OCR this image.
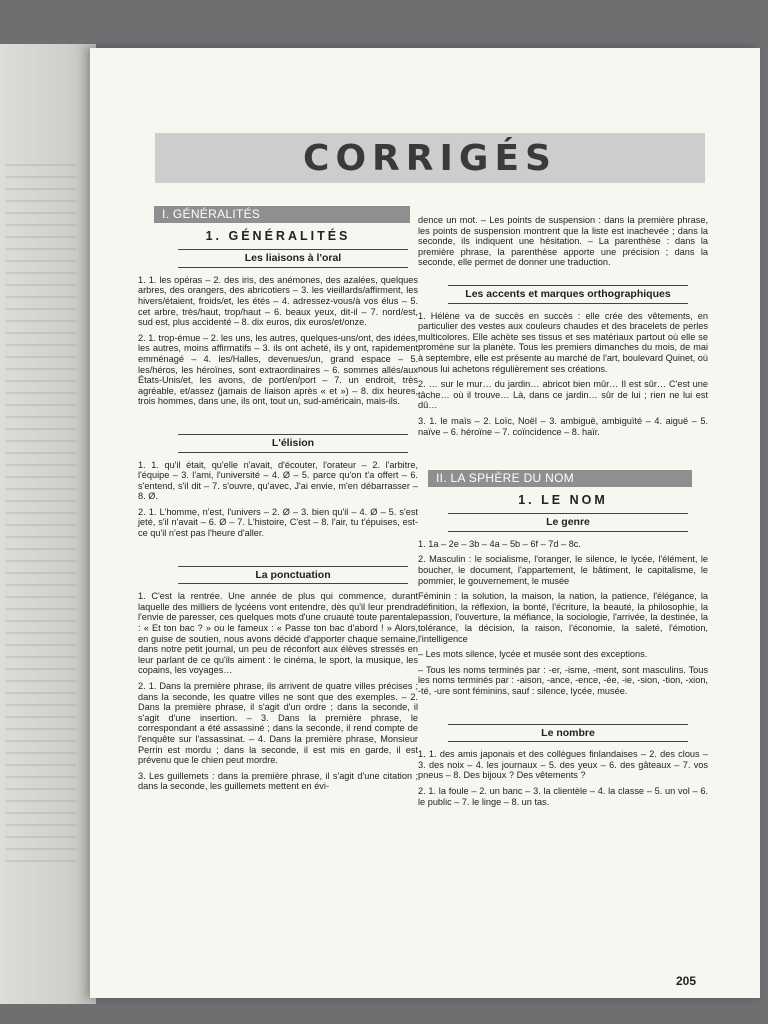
CORRIGÉS
I. GÉNÉRALITÉS
1. GÉNÉRALITÉS
Les liaisons à l'oral

1. 1. les opéras – 2. des iris, des anémones, des azalées, quelques arbres, des orangers, des abricotiers – 3. les vieillards/affirment, les hivers/étaient, froids/et, les étés – 4. adressez-vous/à vos élus – 5. cet arbre, très/haut, trop/haut – 6. beaux yeux, dit-il – 7. nord/est, sud est, plus accidenté – 8. dix euros, dix euros/et/onze.

2. 1. trop-émue – 2. les uns, les autres, quelques-uns/ont, des idées, les autres, moins affirmatifs – 3. ils ont acheté, ils y ont, rapidement emménagé – 4. les/Halles, devenues/un, grand espace – 5. les/héros, les héroïnes, sont extraordinaires – 6. sommes allés/aux États-Unis/et, les avons, de port/en/port – 7. un endroit, très agréable, et/assez (jamais de liaison après « et ») – 8. dix heures, trois hommes, dans une, ils ont, tout un, sud-américain, mais-ils.

L'élision

1. 1. qu'il était, qu'elle n'avait, d'écouter, l'orateur – 2. l'arbitre, l'équipe – 3. l'ami, l'université – 4. Ø – 5. parce qu'on t'a offert – 6. s'entend, s'il dit – 7. s'ouvre, qu'avec, J'ai envie, m'en débarrasser – 8. Ø.

2. 1. L'homme, n'est, l'univers – 2. Ø – 3. bien qu'il – 4. Ø – 5. s'est jeté, s'il n'avait – 6. Ø – 7. L'histoire, C'est – 8. l'air, tu t'épuises, est-ce qu'il n'est pas l'heure d'aller.

La ponctuation

1. C'est la rentrée. Une année de plus qui commence, durant laquelle des milliers de lycéens vont entendre, dès qu'il leur prendra l'envie de paresser, ces quelques mots d'une cruauté toute parentale : « Et ton bac ? » ou le fameux : « Passe ton bac d'abord ! » Alors, en guise de soutien, nous avons décidé d'apporter chaque semaine, dans notre petit journal, un peu de réconfort aux élèves stressés en leur parlant de ce qu'ils aiment : le cinéma, le sport, la musique, les copains, les voyages…

2. 1. Dans la première phrase, ils arrivent de quatre villes précises ; dans la seconde, les quatre villes ne sont que des exemples. – 2. Dans la première phrase, il s'agit d'un ordre ; dans la seconde, il s'agit d'une insertion. – 3. Dans la première phrase, le correspondant a été assassiné ; dans la seconde, il rend compte de l'enquête sur l'assassinat. – 4. Dans la première phrase, Monsieur Perrin est mordu ; dans la seconde, il est mis en garde, il est prévenu que le chien peut mordre.

3. Les guillemets : dans la première phrase, il s'agit d'une citation ; dans la seconde, les guillemets mettent en évi-

dence un mot. – Les points de suspension : dans la première phrase, les points de suspension montrent que la liste est inachevée ; dans la seconde, ils indiquent une hésitation. – La parenthèse : dans la première phrase, la parenthèse apporte une précision ; dans la seconde, elle permet de donner une traduction.

Les accents et marques orthographiques

1. Hélène va de succès en succès : elle crée des vêtements, en particulier des vestes aux couleurs chaudes et des bracelets de perles multicolores. Elle achète ses tissus et ses matériaux partout où elle se promène sur la planète. Tous les premiers dimanches du mois, de mai à septembre, elle est présente au marché de l'art, boulevard Quinet, où nous lui achetons régulièrement ses créations.

2. … sur le mur… du jardin… abricot bien mûr… Il est sûr… C'est une tâche… où il trouve… Là, dans ce jardin… sûr de lui ; rien ne lui est dû…

3. 1. le maïs – 2. Loïc, Noël – 3. ambiguë, ambiguïté – 4. aiguë – 5. naïve – 6. héroïne – 7. coïncidence – 8. haïr.

II. LA SPHÈRE DU NOM
1. LE NOM
Le genre

1. 1a – 2e – 3b – 4a – 5b – 6f – 7d – 8c.

2. Masculin : le socialisme, l'oranger, le silence, le lycée, l'élément, le boucher, le document, l'appartement, le bâtiment, le capitalisme, le pommier, le gouvernement, le musée

Féminin : la solution, la maison, la nation, la patience, l'élégance, la définition, la réflexion, la bonté, l'écriture, la beauté, la philosophie, la passion, l'ouverture, la méfiance, la sociologie, l'arrivée, la destinée, la tolérance, la décision, la raison, l'économie, la saleté, l'émotion, l'intelligence

– Les mots silence, lycée et musée sont des exceptions.

– Tous les noms terminés par : -er, -isme, -ment, sont masculins. Tous les noms terminés par : -aison, -ance, -ence, -ée, -ie, -sion, -tion, -xion, -té, -ure sont féminins, sauf : silence, lycée, musée.

Le nombre

1. 1. des amis japonais et des collègues finlandaises – 2. des clous – 3. des noix – 4. les journaux – 5. des yeux – 6. des gâteaux – 7. vos pneus – 8. Des bijoux ? Des vêtements ?

2. 1. la foule – 2. un banc – 3. la clientèle – 4. la classe – 5. un vol – 6. le public – 7. le linge – 8. un tas.

205
